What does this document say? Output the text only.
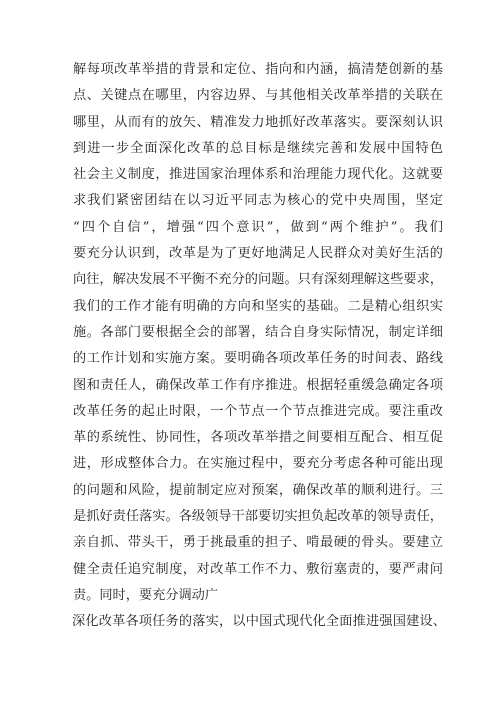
解每项改革举措的背景和定位、指向和内涵，搞清楚创新的基
点、关键点在哪里，内容边界、与其他相关改革举措的关联在
哪里，从而有的放矢、精准发力地抓好改革落实。要深刻认识
到进一步全面深化改革的总目标是继续完善和发展中国特色
社会主义制度，推进国家治理体系和治理能力现代化。这就要
求我们紧密团结在以习近平同志为核心的党中央周围，坚定
“四个自信”，增强“四个意识”，做到“两个维护”。我们
要充分认识到，改革是为了更好地满足人民群众对美好生活的
向往，解决发展不平衡不充分的问题。只有深刻理解这些要求，
我们的工作才能有明确的方向和坚实的基础。二是精心组织实
施。各部门要根据全会的部署，结合自身实际情况，制定详细
的工作计划和实施方案。要明确各项改革任务的时间表、路线
图和责任人，确保改革工作有序推进。根据轻重缓急确定各项
改革任务的起止时限，一个节点一个节点推进完成。要注重改
革的系统性、协同性，各项改革举措之间要相互配合、相互促
进，形成整体合力。在实施过程中，要充分考虑各种可能出现
的问题和风险，提前制定应对预案，确保改革的顺利进行。三
是抓好责任落实。各级领导干部要切实担负起改革的领导责任，
亲自抓、带头干，勇于挑最重的担子、啃最硬的骨头。要建立
健全责任追究制度，对改革工作不力、敷衍塞责的，要严肃问
责。同时，要充分调动广
深化改革各项任务的落实，以中国式现代化全面推进强国建设、
